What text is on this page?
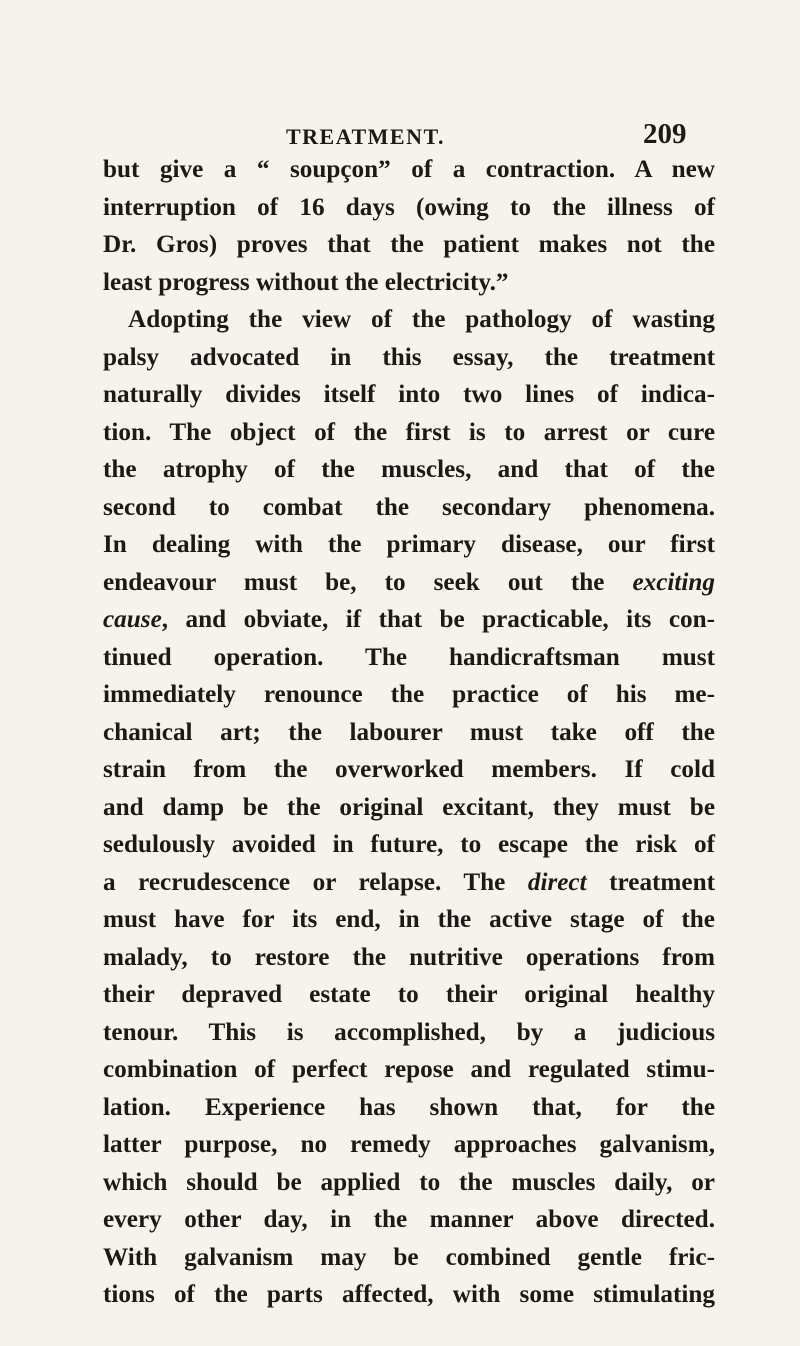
TREATMENT.	209
but give a “ soupçon” of a contraction. A new
interruption of 16 days (owing to the illness of
Dr. Gros) proves that the patient makes not the
least progress without the electricity.”
Adopting the view of the pathology of wasting
palsy advocated in this essay, the treatment
naturally divides itself into two lines of indica-
tion. The object of the first is to arrest or cure
the atrophy of the muscles, and that of the
second to combat the secondary phenomena.
In dealing with the primary disease, our first
endeavour must be, to seek out the exciting
cause, and obviate, if that be practicable, its con-
tinued operation. The handicraftsman must
immediately renounce the practice of his me-
chanical art; the labourer must take off the
strain from the overworked members. If cold
and damp be the original excitant, they must be
sedulously avoided in future, to escape the risk of
a recrudescence or relapse. The direct treatment
must have for its end, in the active stage of the
malady, to restore the nutritive operations from
their depraved estate to their original healthy
tenour. This is accomplished, by a judicious
combination of perfect repose and regulated stimu-
lation. Experience has shown that, for the
latter purpose, no remedy approaches galvanism,
which should be applied to the muscles daily, or
every other day, in the manner above directed.
With galvanism may be combined gentle fric-
tions of the parts affected, with some stimulating
